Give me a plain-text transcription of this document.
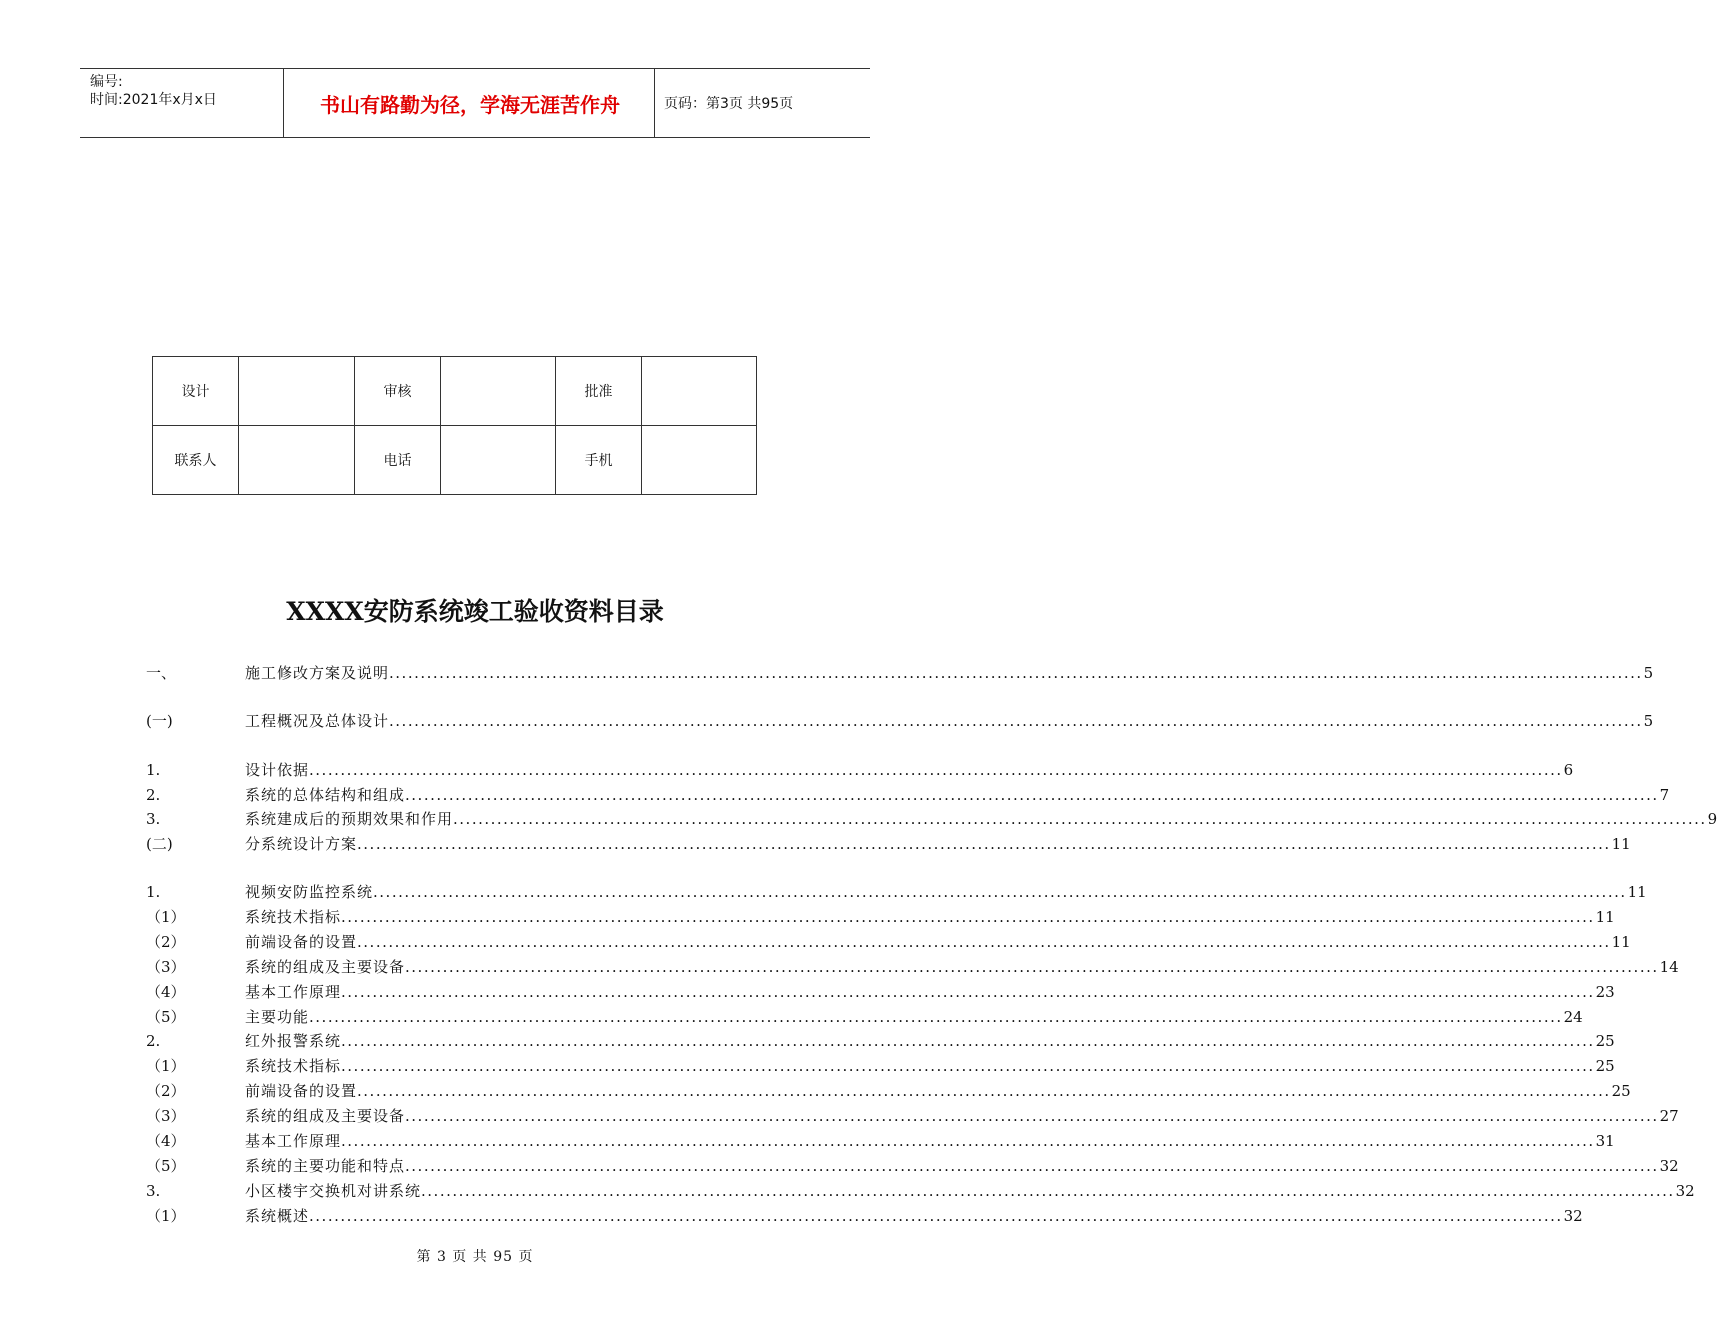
编号:
时间:2021年x月x日	书山有路勤为径，学海无涯苦作舟	页码：第3页 共95页
设计		审核		批准	
联系人		电话		手机	
XXXX安防系统竣工验收资料目录
一、	施工修改方案及说明 ........................................................................................................................................................................................................ 5
(一)	工程概况及总体设计 ........................................................................................................................................................................................................ 5
1.	设计依据 ........................................................................................................................................................................................................ 6
2.	系统的总体结构和组成 ........................................................................................................................................................................................................ 7
3.	系统建成后的预期效果和作用 ........................................................................................................................................................................................................ 9
(二)	分系统设计方案 ........................................................................................................................................................................................................ 11
1.	视频安防监控系统 ........................................................................................................................................................................................................ 11
（1）	系统技术指标 ........................................................................................................................................................................................................ 11
（2）	前端设备的设置 ........................................................................................................................................................................................................ 11
（3）	系统的组成及主要设备 ........................................................................................................................................................................................................ 14
（4）	基本工作原理 ........................................................................................................................................................................................................ 23
（5）	主要功能 ........................................................................................................................................................................................................ 24
2.	红外报警系统 ........................................................................................................................................................................................................ 25
（1）	系统技术指标 ........................................................................................................................................................................................................ 25
（2）	前端设备的设置 ........................................................................................................................................................................................................ 25
（3）	系统的组成及主要设备 ........................................................................................................................................................................................................ 27
（4）	基本工作原理 ........................................................................................................................................................................................................ 31
（5）	系统的主要功能和特点 ........................................................................................................................................................................................................ 32
3.	小区楼宇交换机对讲系统 ........................................................................................................................................................................................................ 32
（1）	系统概述 ........................................................................................................................................................................................................ 32
第 3 页 共 95 页
